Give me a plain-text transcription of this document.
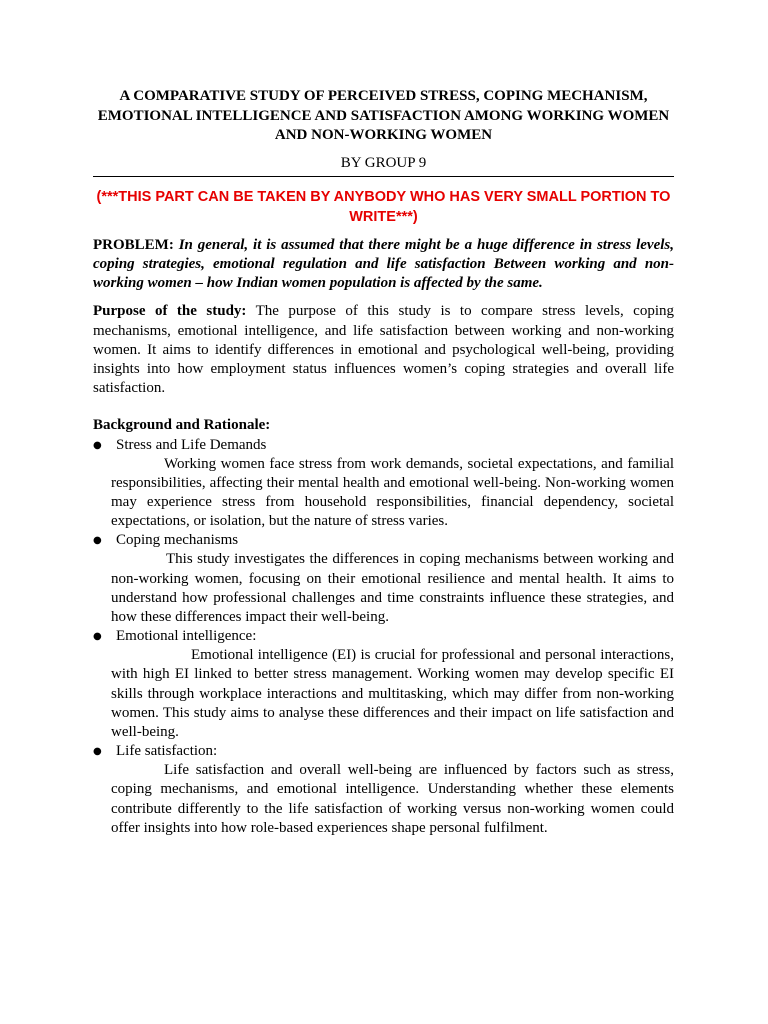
A COMPARATIVE STUDY OF PERCEIVED STRESS, COPING MECHANISM, EMOTIONAL INTELLIGENCE AND SATISFACTION AMONG WORKING WOMEN AND NON-WORKING WOMEN

BY GROUP 9

(***THIS PART CAN BE TAKEN BY ANYBODY WHO HAS VERY SMALL PORTION TO WRITE***)

PROBLEM: In general, it is assumed that there might be a huge difference in stress levels, coping strategies, emotional regulation and life satisfaction Between working and non-working women – how Indian women population is affected by the same.

Purpose of the study: The purpose of this study is to compare stress levels, coping mechanisms, emotional intelligence, and life satisfaction between working and non-working women. It aims to identify differences in emotional and psychological well-being, providing insights into how employment status influences women’s coping strategies and overall life satisfaction.

Background and Rationale:

● Stress and Life Demands

Working women face stress from work demands, societal expectations, and familial responsibilities, affecting their mental health and emotional well-being. Non-working women may experience stress from household responsibilities, financial dependency, societal expectations, or isolation, but the nature of stress varies.

● Coping mechanisms

This study investigates the differences in coping mechanisms between working and non-working women, focusing on their emotional resilience and mental health. It aims to understand how professional challenges and time constraints influence these strategies, and how these differences impact their well-being.

● Emotional intelligence:

Emotional intelligence (EI) is crucial for professional and personal interactions, with high EI linked to better stress management. Working women may develop specific EI skills through workplace interactions and multitasking, which may differ from non-working women. This study aims to analyse these differences and their impact on life satisfaction and well-being.

● Life satisfaction:

Life satisfaction and overall well-being are influenced by factors such as stress, coping mechanisms, and emotional intelligence. Understanding whether these elements contribute differently to the life satisfaction of working versus non-working women could offer insights into how role-based experiences shape personal fulfilment.
